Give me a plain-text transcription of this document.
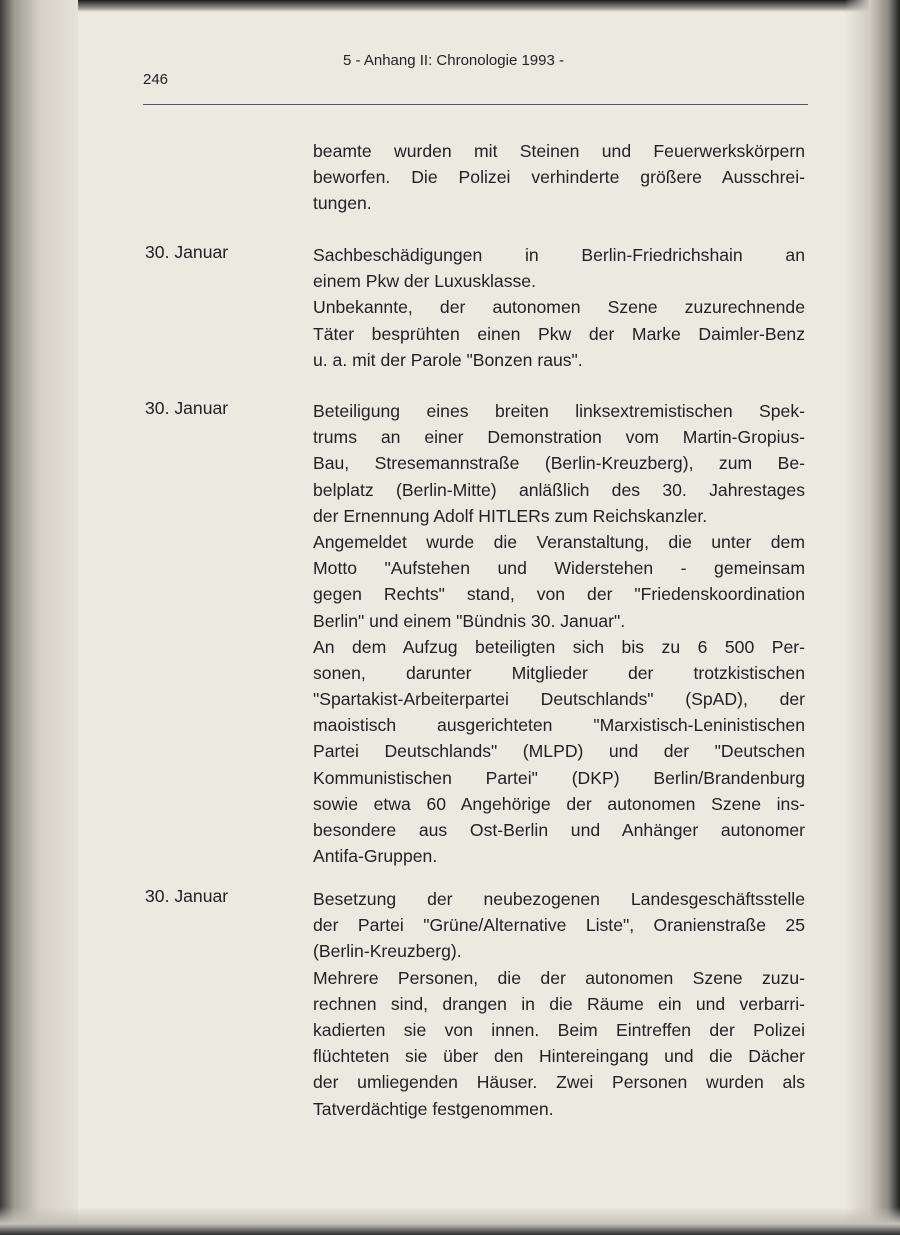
246
5 - Anhang II: Chronologie 1993 -
beamte wurden mit Steinen und Feuerwerkskörpern
beworfen. Die Polizei verhinderte größere Ausschrei-
tungen.
30. Januar	Sachbeschädigungen in Berlin-Friedrichshain an
einem Pkw der Luxusklasse.
Unbekannte, der autonomen Szene zuzurechnende
Täter besprühten einen Pkw der Marke Daimler-Benz
u. a. mit der Parole "Bonzen raus".
30. Januar	Beteiligung eines breiten linksextremistischen Spek-
trums an einer Demonstration vom Martin-Gropius-
Bau, Stresemannstraße (Berlin-Kreuzberg), zum Be-
belplatz (Berlin-Mitte) anläßlich des 30. Jahrestages
der Ernennung Adolf HITLERs zum Reichskanzler.
Angemeldet wurde die Veranstaltung, die unter dem
Motto "Aufstehen und Widerstehen - gemeinsam
gegen Rechts" stand, von der "Friedenskoordination
Berlin" und einem "Bündnis 30. Januar".
An dem Aufzug beteiligten sich bis zu 6 500 Per-
sonen, darunter Mitglieder der trotzkistischen
"Spartakist-Arbeiterpartei Deutschlands" (SpAD), der
maoistisch ausgerichteten "Marxistisch-Leninistischen
Partei Deutschlands" (MLPD) und der "Deutschen
Kommunistischen Partei" (DKP) Berlin/Brandenburg
sowie etwa 60 Angehörige der autonomen Szene ins-
besondere aus Ost-Berlin und Anhänger autonomer
Antifa-Gruppen.
30. Januar	Besetzung der neubezogenen Landesgeschäftsstelle
der Partei "Grüne/Alternative Liste", Oranienstraße 25
(Berlin-Kreuzberg).
Mehrere Personen, die der autonomen Szene zuzu-
rechnen sind, drangen in die Räume ein und verbarri-
kadierten sie von innen. Beim Eintreffen der Polizei
flüchteten sie über den Hintereingang und die Dächer
der umliegenden Häuser. Zwei Personen wurden als
Tatverdächtige festgenommen.
